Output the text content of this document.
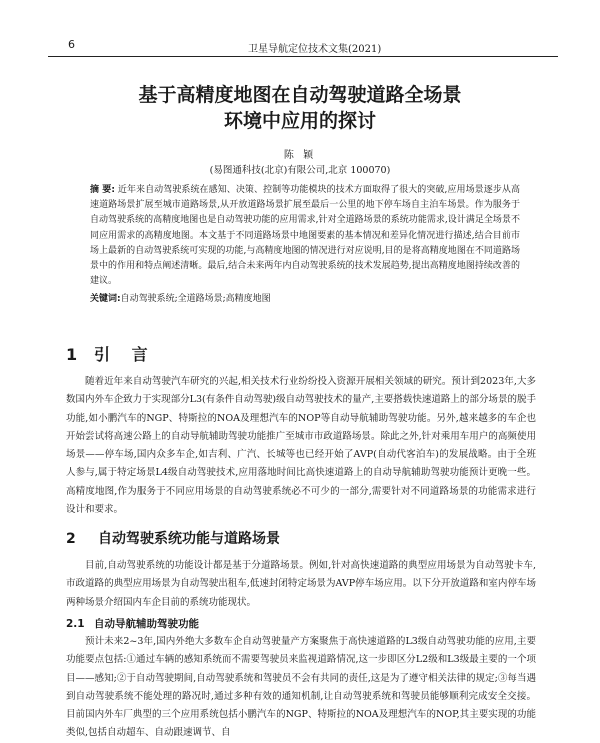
6	卫星导航定位技术文集(2021)
基于高精度地图在自动驾驶道路全场景
环境中应用的探讨
陈 颖
(易图通科技(北京)有限公司,北京 100070)
摘 要: 近年来自动驾驶系统在感知、决策、控制等功能模块的技术方面取得了很大的突破,应用场景逐步从高速道路场景扩展至城市道路场景,从开放道路场景扩展至最后一公里的地下停车场自主泊车场景。作为服务于自动驾驶系统的高精度地图也是自动驾驶功能的应用需求,针对全道路场景的系统功能需求,设计满足全场景不同应用需求的高精度地图。本文基于不同道路场景中地图要素的基本情况和差异化情况进行描述,结合目前市场上最新的自动驾驶系统可实现的功能,与高精度地图的情况进行对应说明,目的是将高精度地图在不同道路场景中的作用和特点阐述清晰。最后,结合未来两年内自动驾驶系统的技术发展趋势,提出高精度地图持续改善的建议。
关键词:自动驾驶系统;全道路场景;高精度地图
1 引 言
随着近年来自动驾驶汽车研究的兴起,相关技术行业纷纷投入资源开展相关领域的研究。预计到2023年,大多数国内外车企致力于实现部分L3(有条件自动驾驶)级自动驾驶技术的量产,主要搭载快速道路上的部分场景的脱手功能,如小鹏汽车的NGP、特斯拉的NOA及理想汽车的NOP等自动导航辅助驾驶功能。另外,越来越多的车企也开始尝试将高速公路上的自动导航辅助驾驶功能推广至城市市政道路场景。除此之外,针对乘用车用户的高频使用场景——停车场,国内众多车企,如吉利、广汽、长城等也已经开始了AVP(自动代客泊车)的发展战略。由于全班人参与,属于特定场景L4级自动驾驶技术,应用落地时间比高快速道路上的自动导航辅助驾驶功能预计更晚一些。高精度地图,作为服务于不同应用场景的自动驾驶系统必不可少的一部分,需要针对不同道路场景的功能需求进行设计和要求。
2 自动驾驶系统功能与道路场景
目前,自动驾驶系统的功能设计都是基于分道路场景。例如,针对高快速道路的典型应用场景为自动驾驶卡车,市政道路的典型应用场景为自动驾驶出租车,低速封闭特定场景为AVP停车场应用。以下分开放道路和室内停车场两种场景介绍国内车企目前的系统功能现状。
2.1 自动导航辅助驾驶功能
预计未来2~3年,国内外绝大多数车企自动驾驶量产方案聚焦于高快速道路的L3级自动驾驶功能的应用,主要功能要点包括:①通过车辆的感知系统而不需要驾驶员来监视道路情况,这一步即区分L2级和L3级最主要的一个项目——感知;②于自动驾驶期间,自动驾驶系统和驾驶员不会有共同的责任,这是为了遵守相关法律的规定;③每当遇到自动驾驶系统不能处理的路况时,通过多种有效的通知机制,让自动驾驶系统和驾驶员能够顺利完成安全交接。目前国内外车厂典型的三个应用系统包括小鹏汽车的NGP、特斯拉的NOA及理想汽车的NOP,其主要实现的功能类似,包括自动超车、自动跟速调节、自
